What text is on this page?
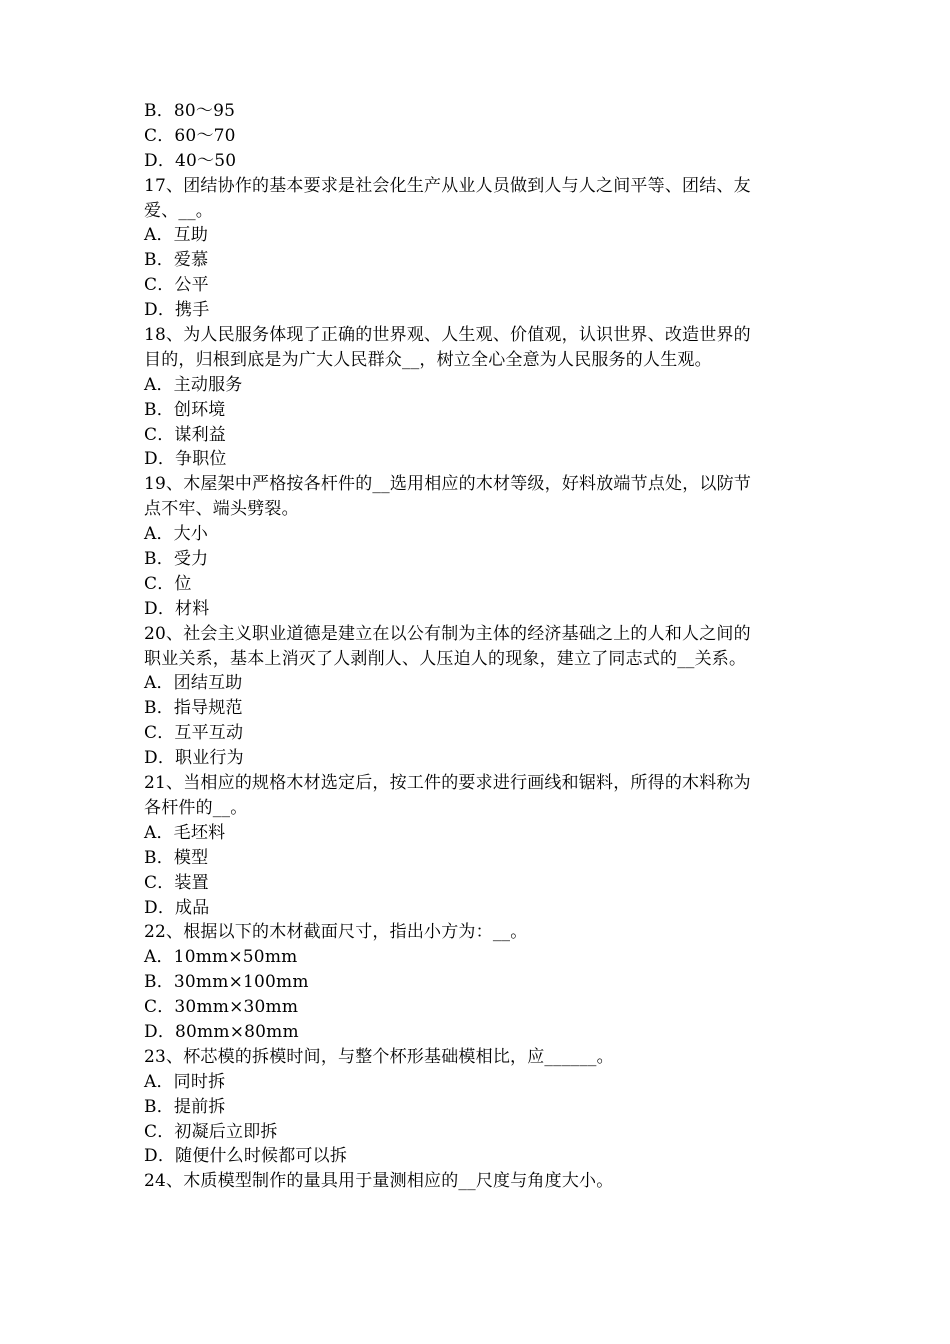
B．80～95
C．60～70
D．40～50
17、团结协作的基本要求是社会化生产从业人员做到人与人之间平等、团结、友
爱、__。
A．互助
B．爱慕
C．公平
D．携手
18、为人民服务体现了正确的世界观、人生观、价值观，认识世界、改造世界的
目的，归根到底是为广大人民群众__，树立全心全意为人民服务的人生观。
A．主动服务
B．创环境
C．谋利益
D．争职位
19、木屋架中严格按各杆件的__选用相应的木材等级，好料放端节点处，以防节
点不牢、端头劈裂。
A．大小
B．受力
C．位
D．材料
20、社会主义职业道德是建立在以公有制为主体的经济基础之上的人和人之间的
职业关系，基本上消灭了人剥削人、人压迫人的现象，建立了同志式的__关系。
A．团结互助
B．指导规范
C．互平互动
D．职业行为
21、当相应的规格木材选定后，按工件的要求进行画线和锯料，所得的木料称为
各杆件的__。
A．毛坯料
B．模型
C．装置
D．成品
22、根据以下的木材截面尺寸，指出小方为：__。
A．10mm×50mm
B．30mm×100mm
C．30mm×30mm
D．80mm×80mm
23、杯芯模的拆模时间，与整个杯形基础模相比，应______。
A．同时拆
B．提前拆
C．初凝后立即拆
D．随便什么时候都可以拆
24、木质模型制作的量具用于量测相应的__尺度与角度大小。
